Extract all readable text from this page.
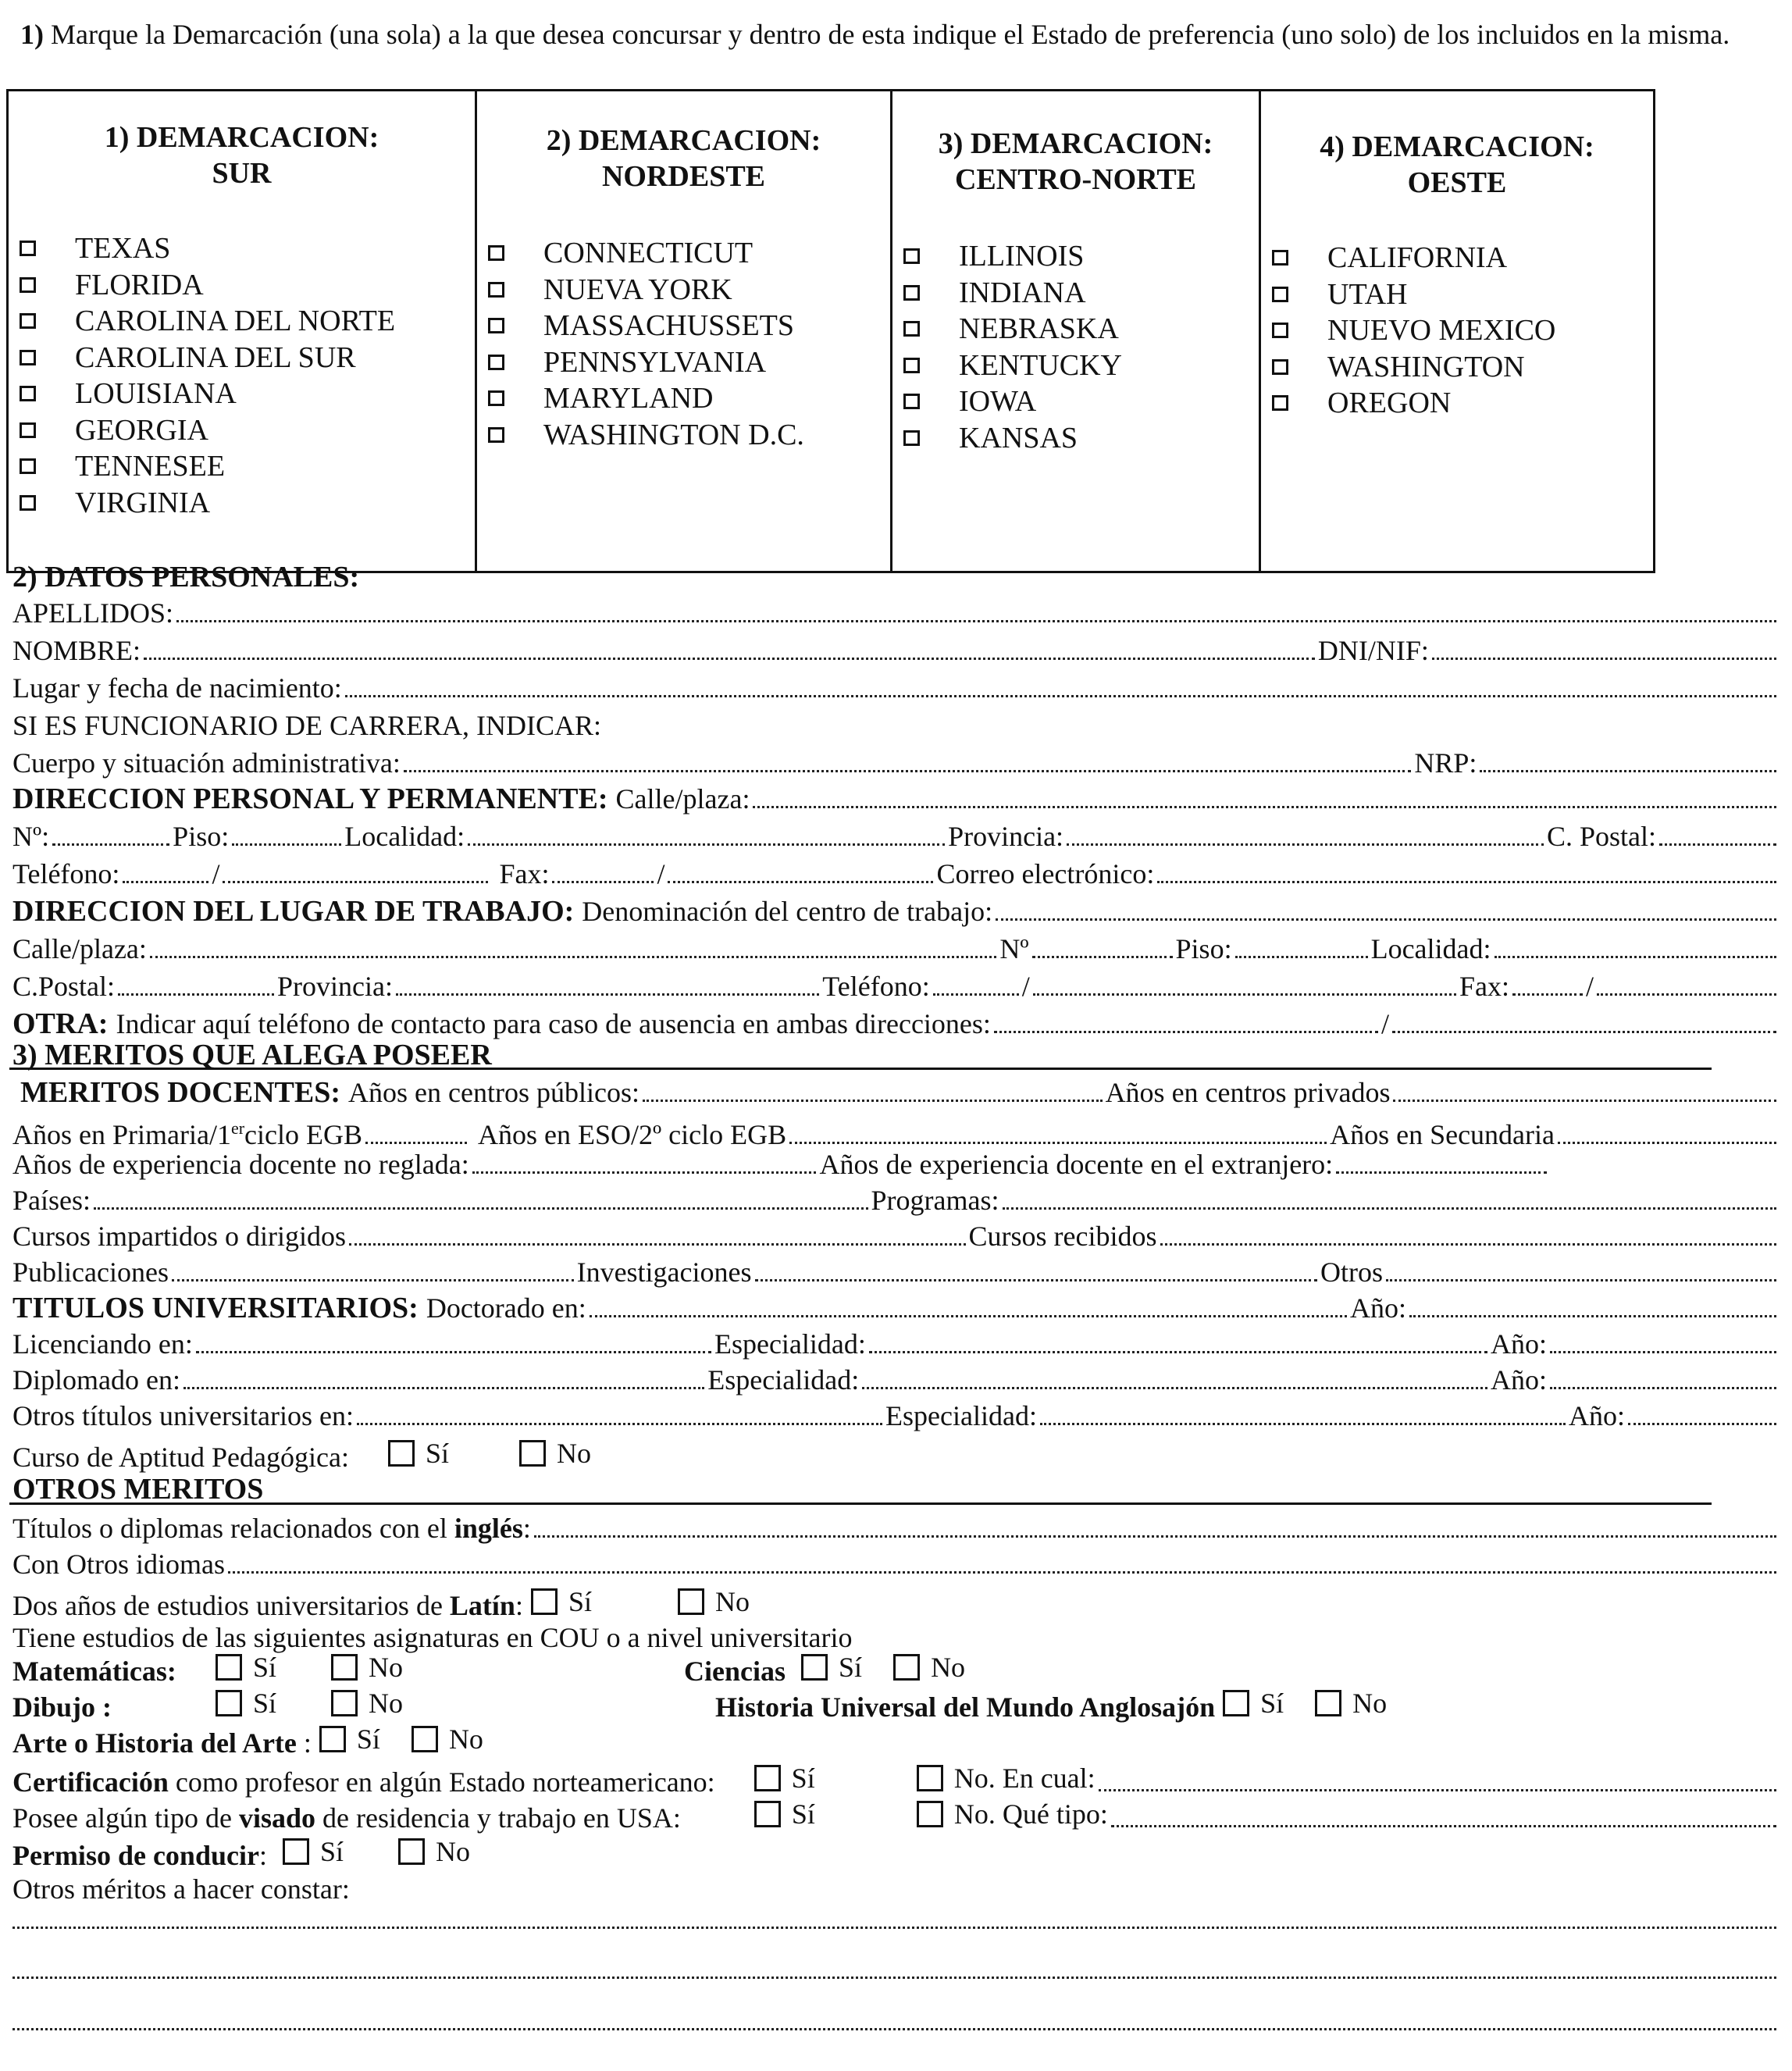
1) Marque la Demarcación (una sola) a la que desea concursar y dentro de esta indique el Estado de preferencia (uno solo) de los incluidos en la misma.
1) DEMARCACION:
SUR
TEXAS
FLORIDA
CAROLINA DEL NORTE
CAROLINA DEL SUR
LOUISIANA
GEORGIA
TENNESEE
VIRGINIA
2) DEMARCACION:
NORDESTE
CONNECTICUT
NUEVA YORK
MASSACHUSSETS
PENNSYLVANIA
MARYLAND
WASHINGTON D.C.
3) DEMARCACION:
CENTRO-NORTE
ILLINOIS
INDIANA
NEBRASKA
KENTUCKY
IOWA
KANSAS
4) DEMARCACION:
OESTE
CALIFORNIA
UTAH
NUEVO MEXICO
WASHINGTON
OREGON
2) DATOS PERSONALES:
APELLIDOS:
NOMBRE:	DNI/NIF:
Lugar y fecha de nacimiento:
SI ES FUNCIONARIO DE CARRERA, INDICAR:
Cuerpo y situación administrativa:	NRP:
DIRECCION PERSONAL Y PERMANENTE: Calle/plaza:
Nº:	Piso:	Localidad:	Provincia:	C. Postal:
Teléfono:	/	Fax:	/	Correo electrónico:
DIRECCION DEL LUGAR DE TRABAJO: Denominación del centro de trabajo:
Calle/plaza:	Nº	Piso:	Localidad:
C.Postal:	Provincia:	Teléfono:	/	Fax:	/
OTRA: Indicar aquí teléfono de contacto para caso de ausencia en ambas direcciones:	/
3) MERITOS QUE ALEGA POSEER
MERITOS DOCENTES: Años en centros públicos:	Años en centros privados
Años en Primaria/1erciclo EGB	Años en ESO/2º ciclo EGB	Años en Secundaria
Años de experiencia docente no reglada:	Años de experiencia docente en el extranjero:
Países:	Programas:
Cursos impartidos o dirigidos	Cursos recibidos
Publicaciones	Investigaciones	Otros
TITULOS UNIVERSITARIOS: Doctorado en:	Año:
Licenciando en:	Especialidad:	Año:
Diplomado en:	Especialidad:	Año:
Otros títulos universitarios en:	Especialidad:	Año:
Curso de Aptitud Pedagógica:	Sí	No
OTROS MERITOS
Títulos o diplomas relacionados con el inglés:
Con Otros idiomas
Dos años de estudios universitarios de Latín: Sí	No
Tiene estudios de las siguientes asignaturas en COU o a nivel universitario
Matemáticas:	Sí	No	Ciencias Sí No
Dibujo :	Sí	No	Historia Universal del Mundo Anglosajón Sí No
Arte o Historia del Arte : Sí No
Certificación como profesor en algún Estado norteamericano:	Sí	No. En cual:
Posee algún tipo de visado de residencia y trabajo en USA:	Sí	No. Qué tipo:
Permiso de conducir: Sí	No
Otros méritos a hacer constar:
